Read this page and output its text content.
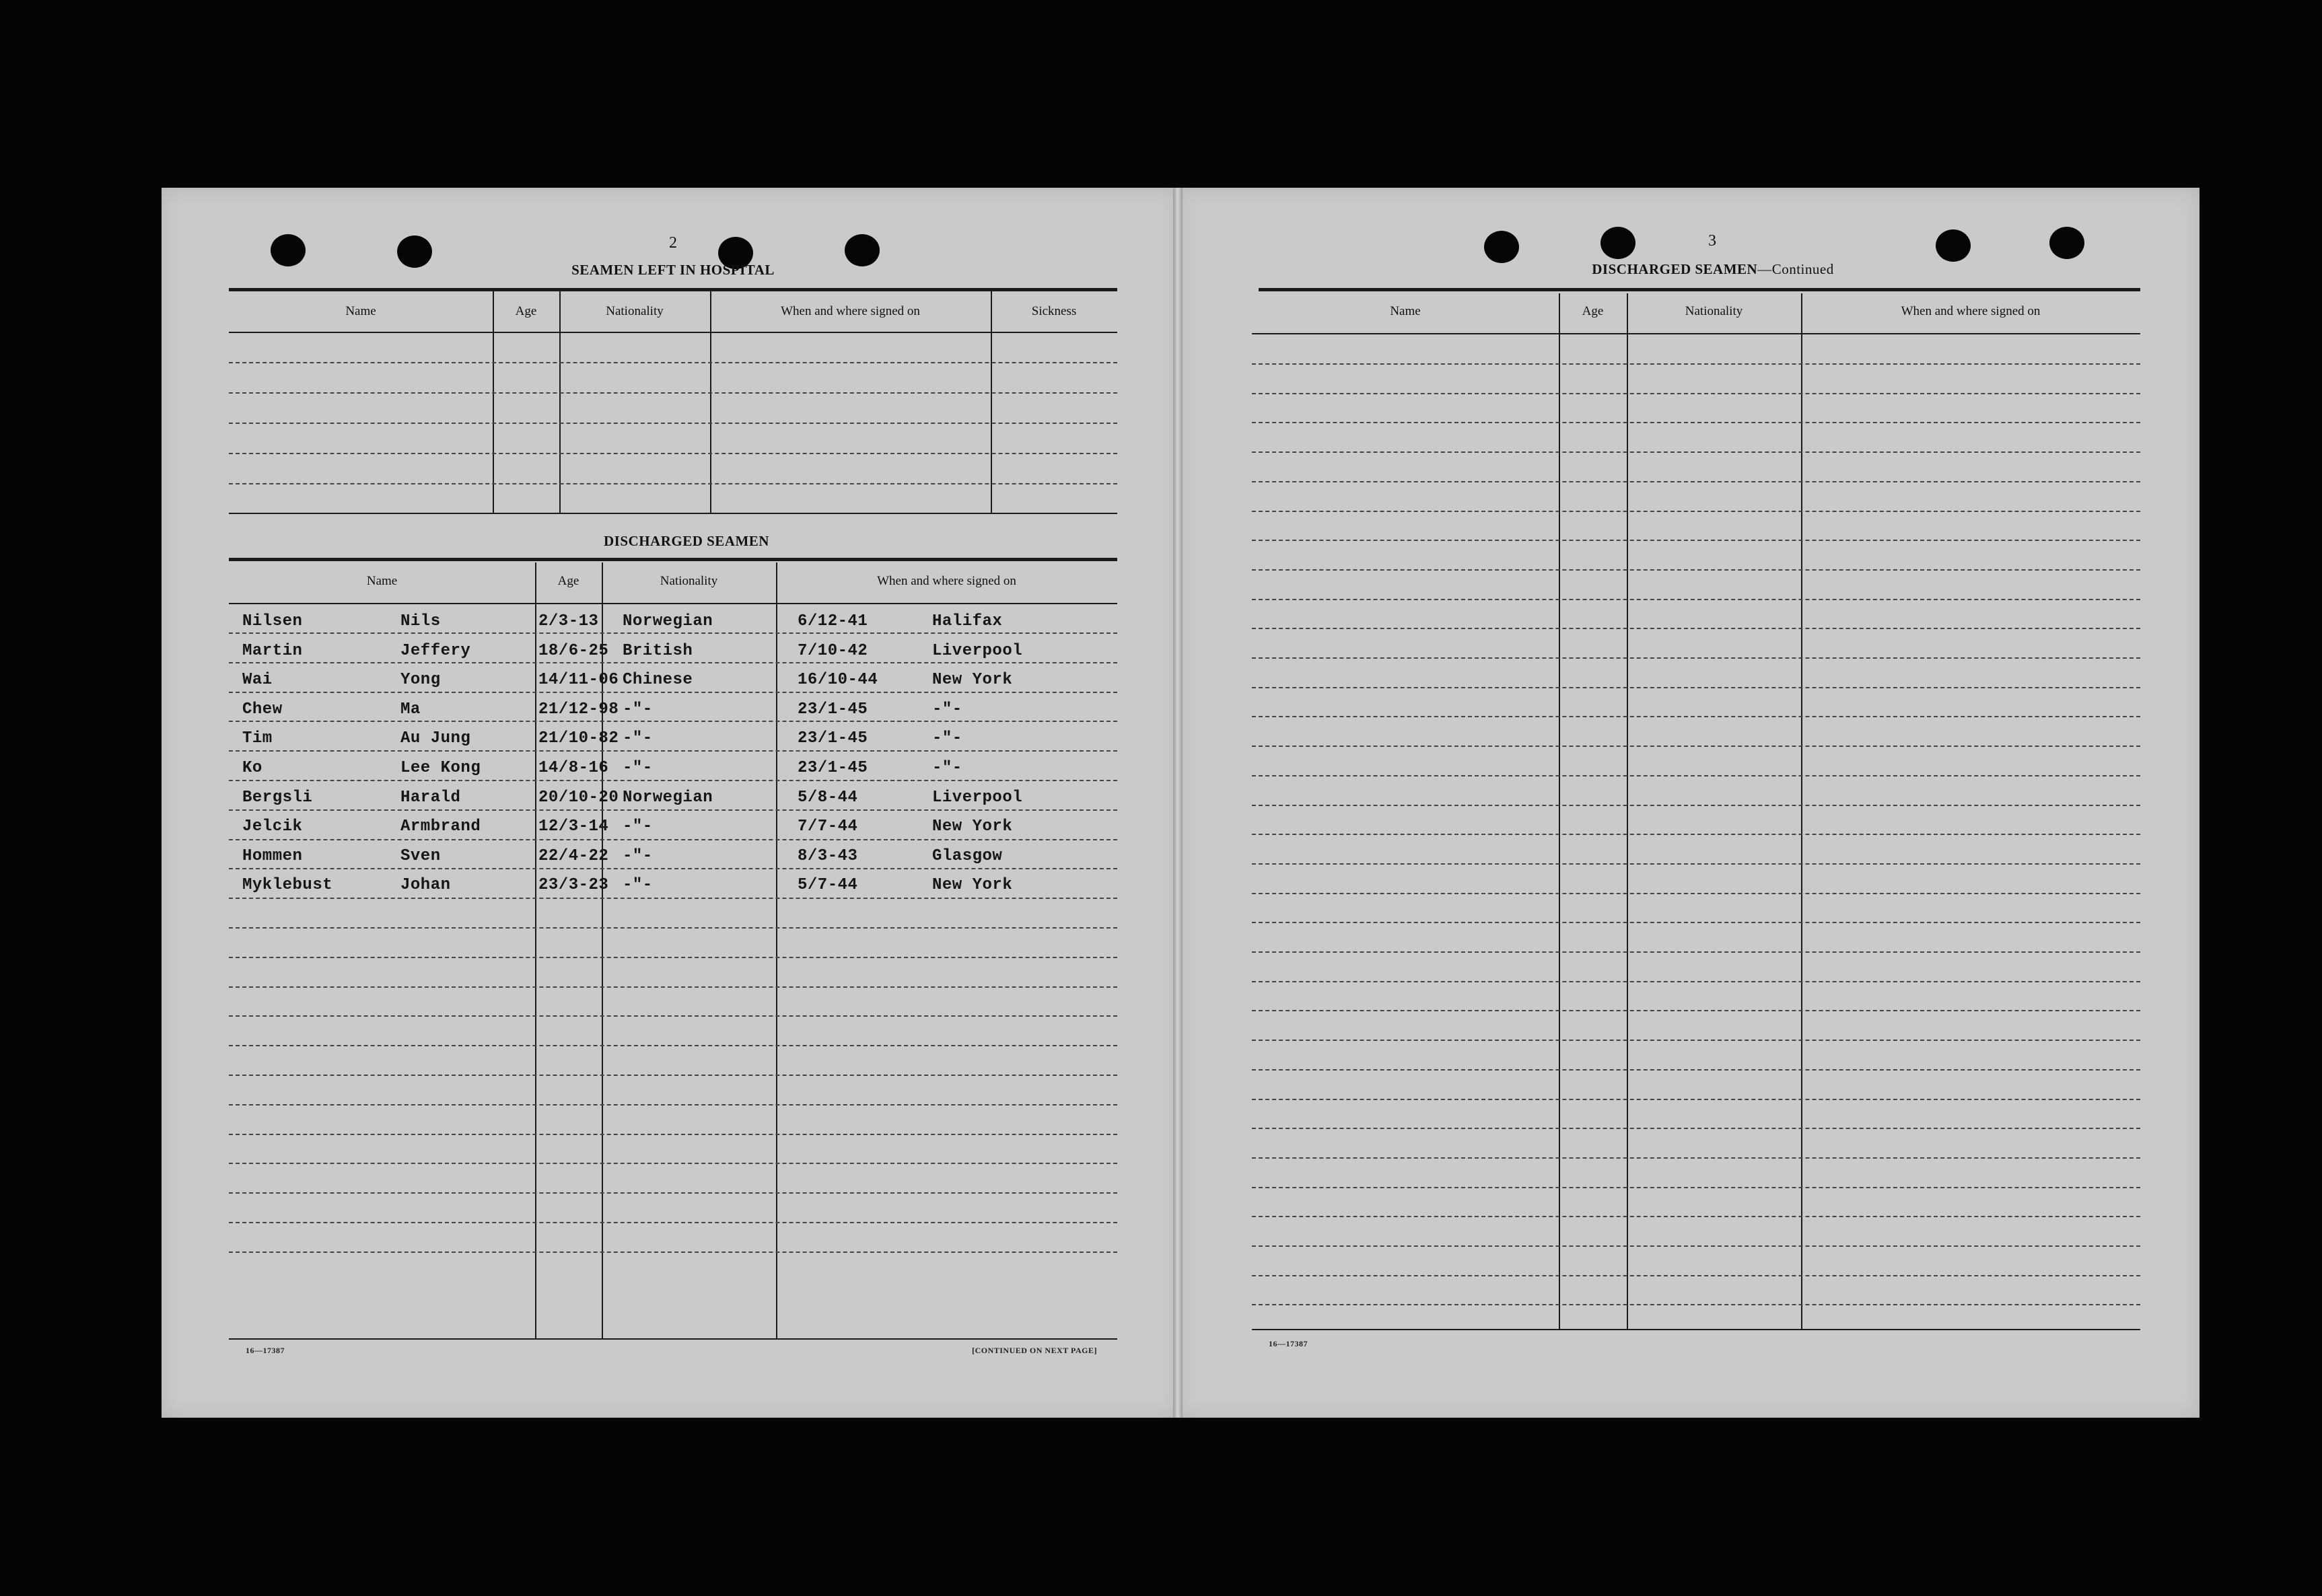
2
SEAMEN LEFT IN HOSPITAL
Name	Age	Nationality	When and where signed on	Sickness
DISCHARGED SEAMEN
Name	Age	Nationality	When and where signed on
Nilsen	Nils	2/3-13 Norwegian	6/12-41	Halifax
Martin	Jeffery	18/6-25 British	7/10-42	Liverpool
Wai	Yong	14/11-06 Chinese	16/10-44	New York
Chew	Ma	21/12-98 -"-	23/1-45	-"-
Tim	Au Jung	21/10-82 -"-	23/1-45	-"-
Ko	Lee Kong	14/8-16 -"-	23/1-45	-"-
Bergsli	Harald	20/10-20 Norwegian	5/8-44	Liverpool
Jelcik	Armbrand	12/3-14 -"-	7/7-44	New York
Hommen	Sven	22/4-22 -"-	8/3-43	Glasgow
Myklebust	Johan	23/3-23 -"-	5/7-44	New York
16—17387	[CONTINUED ON NEXT PAGE]
3
DISCHARGED SEAMEN—Continued
Name	Age	Nationality	When and where signed on
16—17387
